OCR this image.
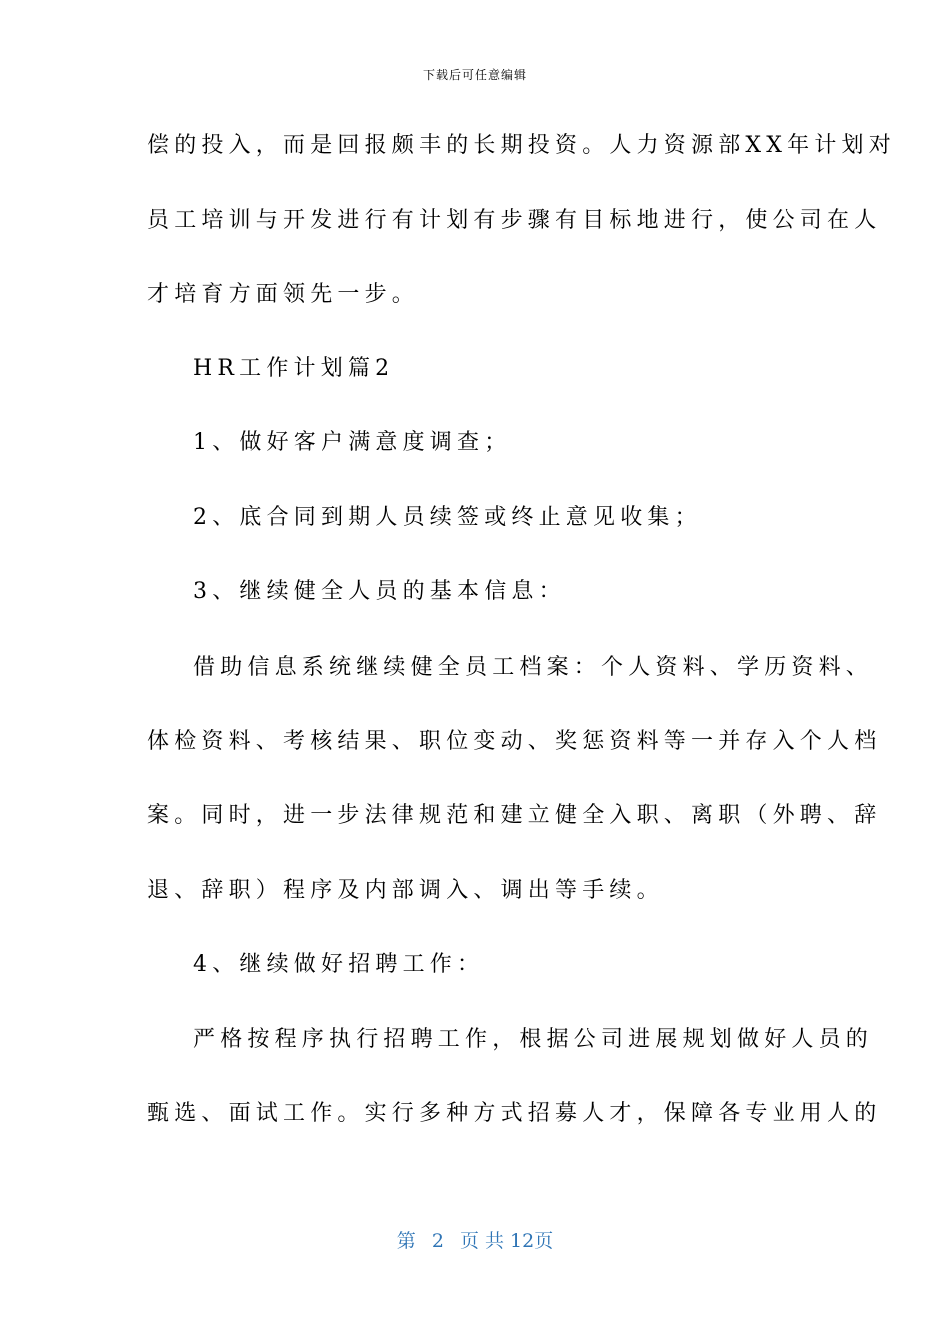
下载后可任意编辑
偿的投入，而是回报颇丰的长期投资。人力资源部XX年计划对
员工培训与开发进行有计划有步骤有目标地进行，使公司在人
才培育方面领先一步。
HR工作计划篇2
1、做好客户满意度调查；
2、底合同到期人员续签或终止意见收集；
3、继续健全人员的基本信息：
借助信息系统继续健全员工档案：个人资料、学历资料、
体检资料、考核结果、职位变动、奖惩资料等一并存入个人档
案。同时，进一步法律规范和建立健全入职、离职（外聘、辞
退、辞职）程序及内部调入、调出等手续。
4、继续做好招聘工作：
严格按程序执行招聘工作，根据公司进展规划做好人员的
甄选、面试工作。实行多种方式招募人才，保障各专业用人的
第 2 页 共 12页
